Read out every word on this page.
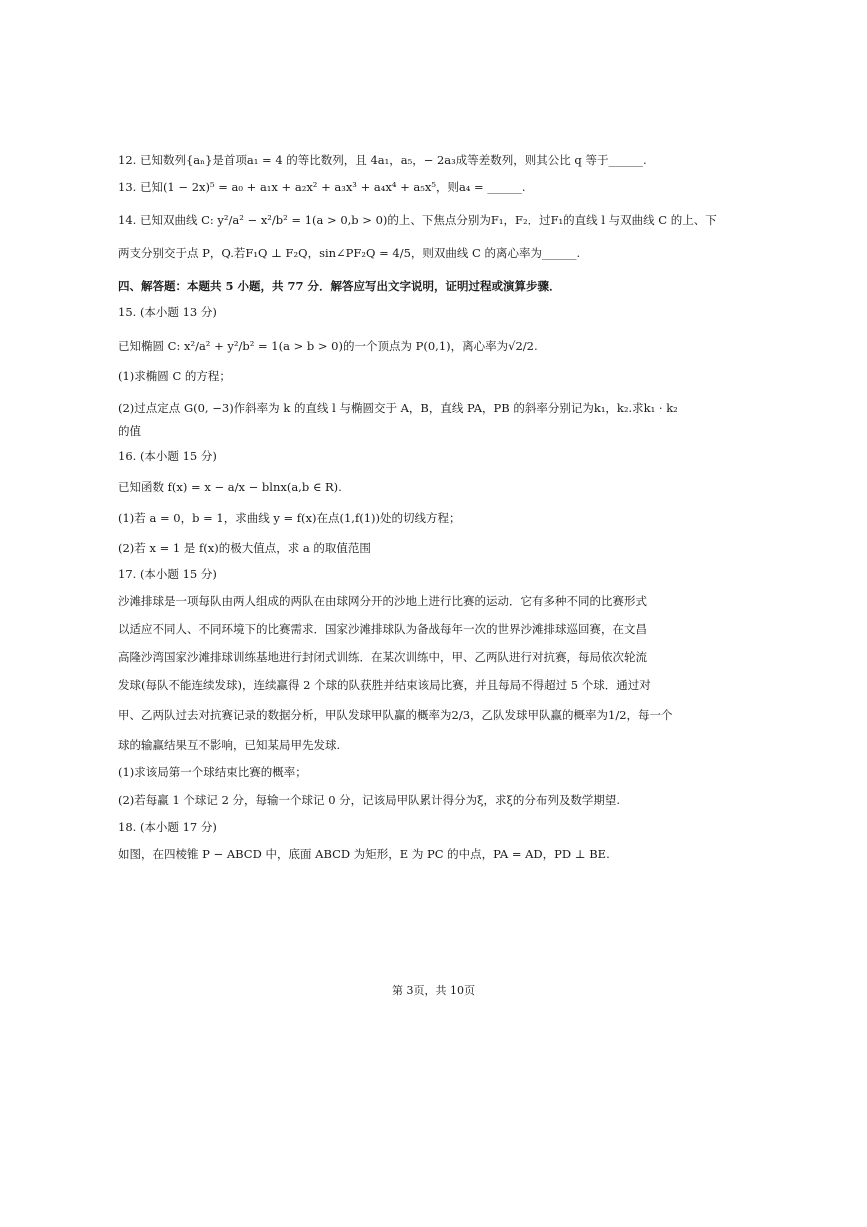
12. 已知数列{aₙ}是首项a₁ = 4 的等比数列，且 4a₁，a₅，− 2a₃成等差数列，则其公比 q 等于______.
13. 已知(1 − 2x)⁵ = a₀ + a₁x + a₂x² + a₃x³ + a₄x⁴ + a₅x⁵，则a₄ = ______.
14. 已知双曲线 C: y²/a² − x²/b² = 1(a > 0,b > 0)的上、下焦点分别为F₁，F₂．过F₁的直线 l 与双曲线 C 的上、下
两支分别交于点 P，Q.若F₁Q ⊥ F₂Q，sin∠PF₂Q = 4/5，则双曲线 C 的离心率为______.
四、解答题：本题共 5 小题，共 77 分．解答应写出文字说明，证明过程或演算步骤．
15. (本小题 13 分)
已知椭圆 C: x²/a² + y²/b² = 1(a > b > 0)的一个顶点为 P(0,1)，离心率为√2/2.
(1)求椭圆 C 的方程；
(2)过点定点 G(0, −3)作斜率为 k 的直线 l 与椭圆交于 A，B，直线 PA，PB 的斜率分别记为k₁，k₂.求k₁ · k₂
的值
16. (本小题 15 分)
已知函数 f(x) = x − a/x − blnx(a,b ∈ R).
(1)若 a = 0，b = 1，求曲线 y = f(x)在点(1,f(1))处的切线方程；
(2)若 x = 1 是 f(x)的极大值点，求 a 的取值范围
17. (本小题 15 分)
沙滩排球是一项每队由两人组成的两队在由球网分开的沙地上进行比赛的运动．它有多种不同的比赛形式
以适应不同人、不同环境下的比赛需求．国家沙滩排球队为备战每年一次的世界沙滩排球巡回赛，在文昌
高隆沙湾国家沙滩排球训练基地进行封闭式训练．在某次训练中，甲、乙两队进行对抗赛，每局依次轮流
发球(每队不能连续发球)，连续赢得 2 个球的队获胜并结束该局比赛，并且每局不得超过 5 个球．通过对
甲、乙两队过去对抗赛记录的数据分析，甲队发球甲队赢的概率为2/3，乙队发球甲队赢的概率为1/2，每一个
球的输赢结果互不影响，已知某局甲先发球.
(1)求该局第一个球结束比赛的概率；
(2)若每赢 1 个球记 2 分，每输一个球记 0 分，记该局甲队累计得分为ξ，求ξ的分布列及数学期望.
18. (本小题 17 分)
如图，在四棱锥 P − ABCD 中，底面 ABCD 为矩形，E 为 PC 的中点，PA = AD，PD ⊥ BE.
第 3页，共 10页
